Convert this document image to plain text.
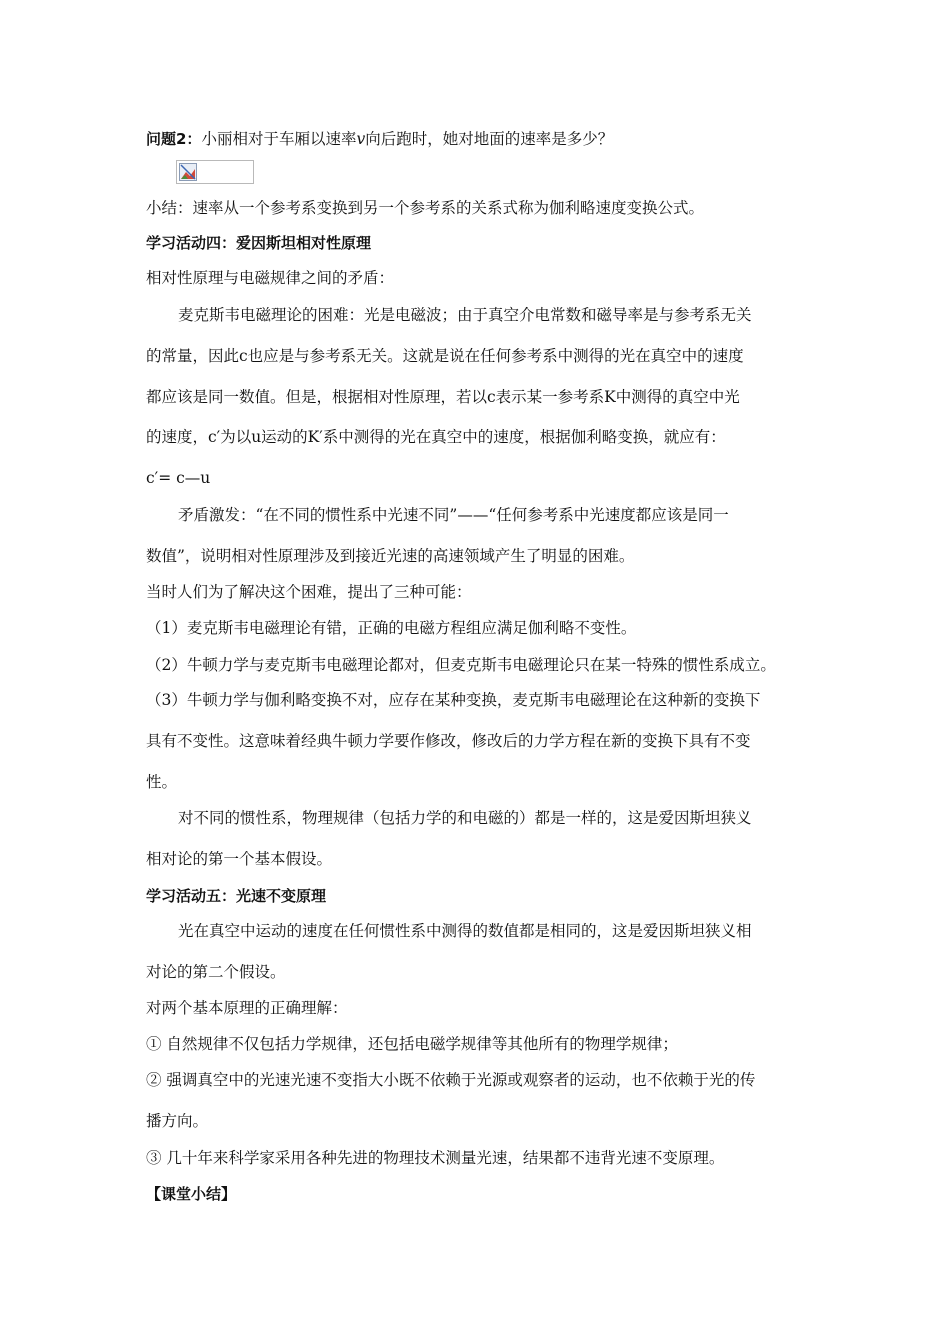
问题2：小丽相对于车厢以速率v向后跑时，她对地面的速率是多少？
小结：速率从一个参考系变换到另一个参考系的关系式称为伽利略速度变换公式。
学习活动四：爱因斯坦相对性原理
相对性原理与电磁规律之间的矛盾：
麦克斯韦电磁理论的困难：光是电磁波；由于真空介电常数和磁导率是与参考系无关
的常量，因此c也应是与参考系无关。这就是说在任何参考系中测得的光在真空中的速度
都应该是同一数值。但是，根据相对性原理，若以c表示某一参考系K中测得的真空中光
的速度，c′为以u运动的K′系中测得的光在真空中的速度，根据伽利略变换，就应有：
c′= c—u
矛盾激发：“在不同的惯性系中光速不同”——“任何参考系中光速度都应该是同一
数值”，说明相对性原理涉及到接近光速的高速领域产生了明显的困难。
当时人们为了解决这个困难，提出了三种可能：
（1）麦克斯韦电磁理论有错，正确的电磁方程组应满足伽利略不变性。
（2）牛顿力学与麦克斯韦电磁理论都对，但麦克斯韦电磁理论只在某一特殊的惯性系成立。
（3）牛顿力学与伽利略变换不对，应存在某种变换，麦克斯韦电磁理论在这种新的变换下
具有不变性。这意味着经典牛顿力学要作修改，修改后的力学方程在新的变换下具有不变
性。
对不同的惯性系，物理规律（包括力学的和电磁的）都是一样的，这是爱因斯坦狭义
相对论的第一个基本假设。
学习活动五：光速不变原理
光在真空中运动的速度在任何惯性系中测得的数值都是相同的，这是爱因斯坦狭义相
对论的第二个假设。
对两个基本原理的正确理解：
① 自然规律不仅包括力学规律，还包括电磁学规律等其他所有的物理学规律；
② 强调真空中的光速光速不变指大小既不依赖于光源或观察者的运动，也不依赖于光的传
播方向。
③ 几十年来科学家采用各种先进的物理技术测量光速，结果都不违背光速不变原理。
【课堂小结】
